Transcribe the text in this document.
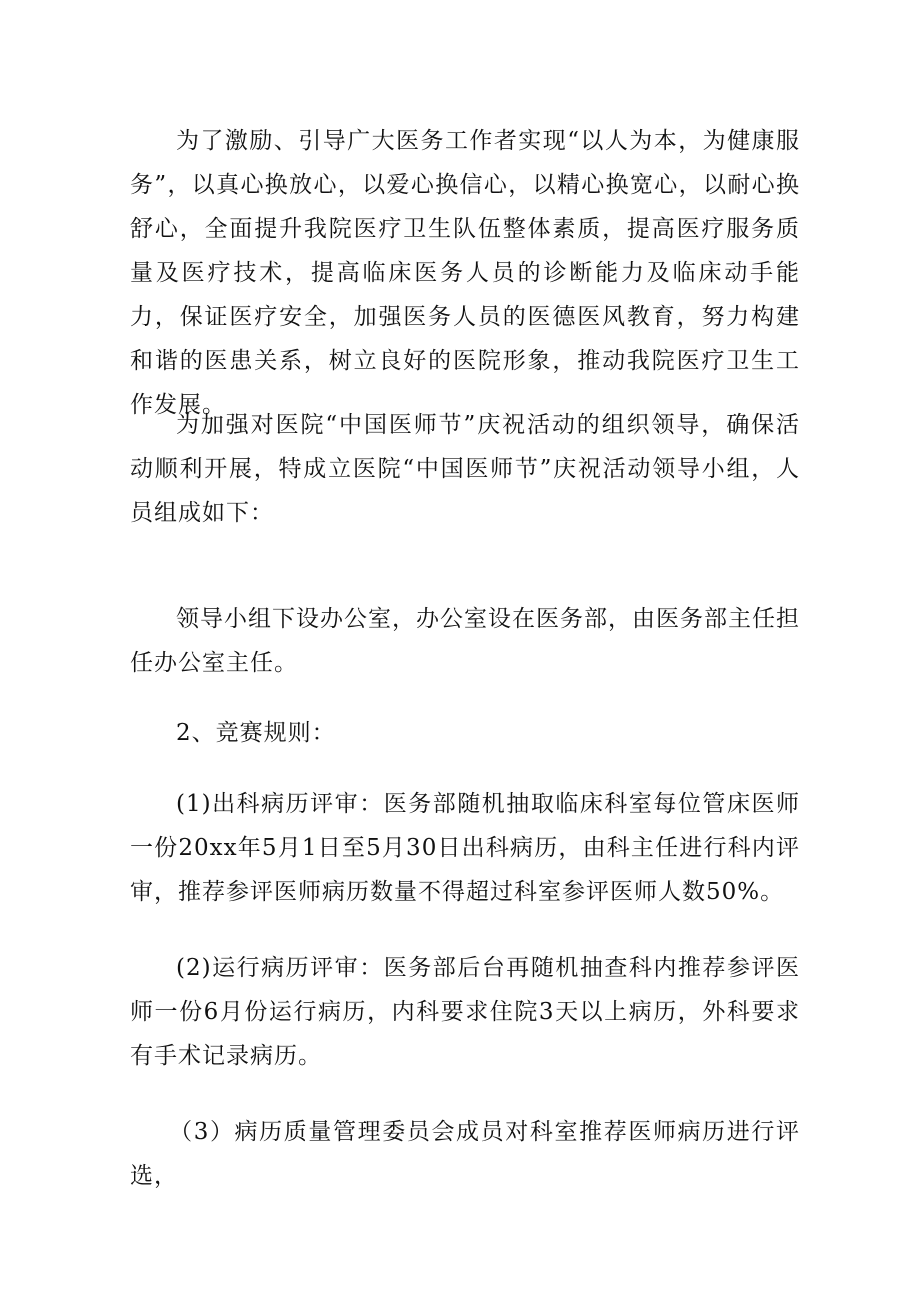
为了激励、引导广大医务工作者实现“以人为本，为健康服务”，以真心换放心，以爱心换信心，以精心换宽心，以耐心换舒心，全面提升我院医疗卫生队伍整体素质，提高医疗服务质量及医疗技术，提高临床医务人员的诊断能力及临床动手能力，保证医疗安全，加强医务人员的医德医风教育，努力构建和谐的医患关系，树立良好的医院形象，推动我院医疗卫生工作发展。

为加强对医院“中国医师节”庆祝活动的组织领导，确保活动顺利开展，特成立医院“中国医师节”庆祝活动领导小组，人员组成如下：

领导小组下设办公室，办公室设在医务部，由医务部主任担任办公室主任。

2、竞赛规则：

(1)出科病历评审：医务部随机抽取临床科室每位管床医师一份20xx年5月1日至5月30日出科病历，由科主任进行科内评审，推荐参评医师病历数量不得超过科室参评医师人数50%。

(2)运行病历评审：医务部后台再随机抽查科内推荐参评医师一份6月份运行病历，内科要求住院3天以上病历，外科要求有手术记录病历。

（3）病历质量管理委员会成员对科室推荐医师病历进行评选，
